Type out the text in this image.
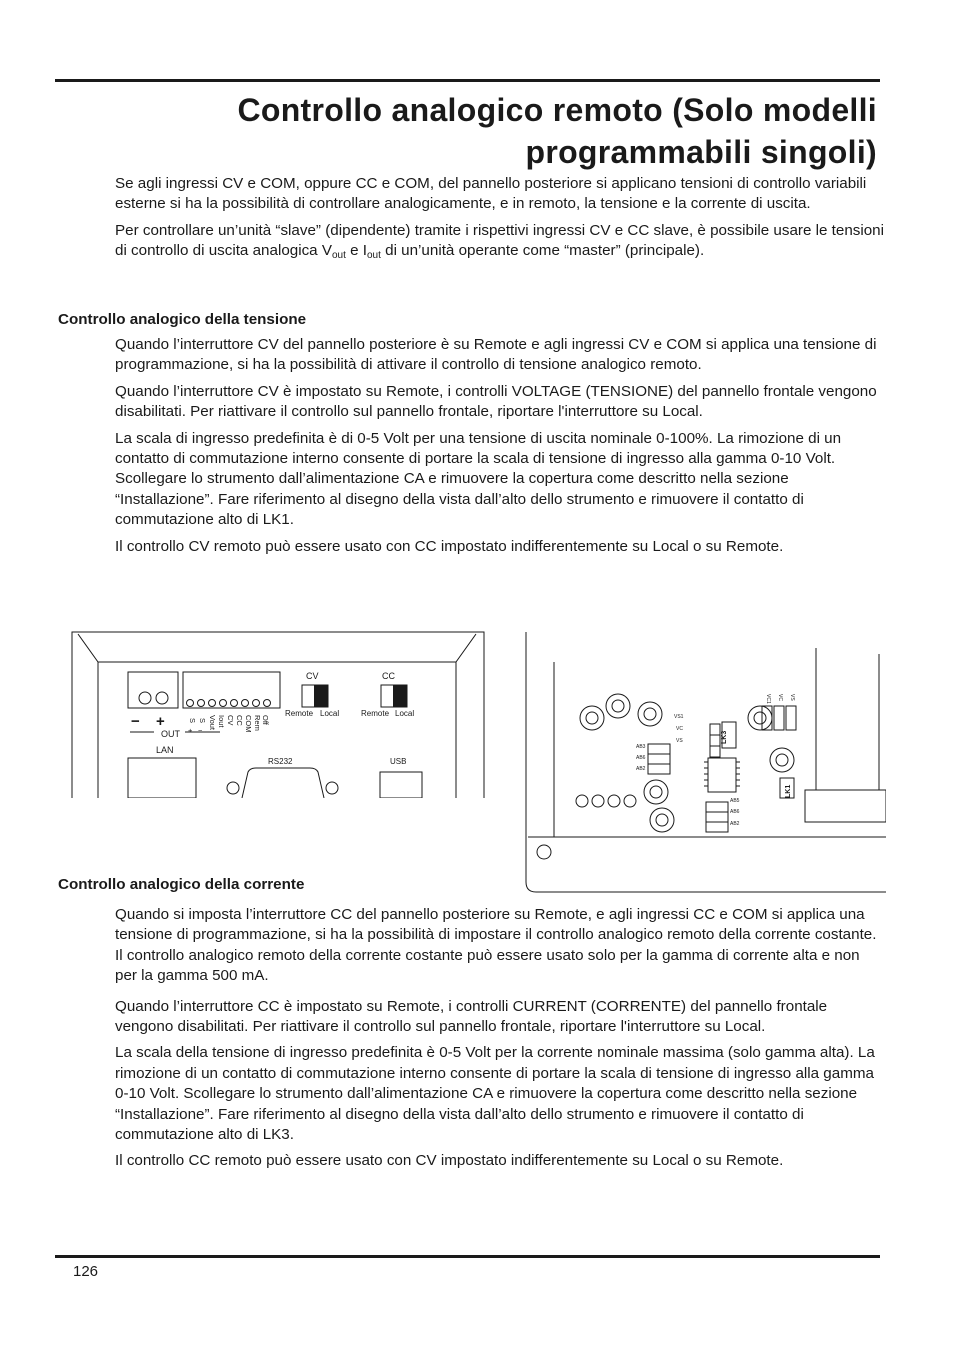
Controllo analogico remoto (Solo modelli
programmabili singoli)

Se agli ingressi CV e COM, oppure CC e COM, del pannello posteriore si applicano tensioni di controllo variabili esterne si ha la possibilità di controllare analogicamente, e in remoto, la tensione e la corrente di uscita.

Per controllare un’unità “slave” (dipendente) tramite i rispettivi ingressi CV e CC slave, è possibile usare le tensioni di controllo di uscita analogica $V_{out}$ e $I_{out}$ di un’unità operante come “master” (principale).

Controllo analogico della tensione

Quando l’interruttore CV del pannello posteriore è su Remote e agli ingressi CV e COM si applica una tensione di programmazione, si ha la possibilità di attivare il controllo di tensione analogico remoto.

Quando l’interruttore CV è impostato su Remote, i controlli VOLTAGE (TENSIONE) del pannello frontale vengono disabilitati. Per riattivare il controllo sul pannello frontale, riportare l'interruttore su Local.

La scala di ingresso predefinita è di 0-5 Volt per una tensione di uscita nominale 0-100%. La rimozione di un contatto di commutazione interno consente di portare la scala di tensione di ingresso alla gamma 0-10 Volt. Scollegare lo strumento dall’alimentazione CA e rimuovere la copertura come descritto nella sezione “Installazione”. Fare riferimento al disegno della vista dall’alto dello strumento e rimuovere il contatto di commutazione alto di LK1.

Il controllo CV remoto può essere usato con CC impostato indifferentemente su Local o su Remote.

− +
OUT
CV	CC
Remote Local	Remote Local
LAN
RS232	USB
S S Vout Iout CV CC COM Rem Off
+ −
VS1
VC
VS
AB3
AB6
AB2
AB5
AB6
AB2
VC1 VC VS
LK3
LK1
Controllo analogico della corrente

Quando si imposta l’interruttore CC del pannello posteriore su Remote, e agli ingressi CC e COM si applica una tensione di programmazione, si ha la possibilità di impostare il controllo analogico remoto della corrente costante. Il controllo analogico remoto della corrente costante può essere usato solo per la gamma di corrente alta e non per la gamma 500 mA.

Quando l’interruttore CC è impostato su Remote, i controlli CURRENT (CORRENTE) del pannello frontale vengono disabilitati. Per riattivare il controllo sul pannello frontale, riportare l'interruttore su Local.

La scala della tensione di ingresso predefinita è 0-5 Volt per la corrente nominale massima (solo gamma alta). La rimozione di un contatto di commutazione interno consente di portare la scala di tensione di ingresso alla gamma 0-10 Volt. Scollegare lo strumento dall’alimentazione CA e rimuovere la copertura come descritto nella sezione “Installazione”. Fare riferimento al disegno della vista dall’alto dello strumento e rimuovere il contatto di commutazione alto di LK3.

Il controllo CC remoto può essere usato con CV impostato indifferentemente su Local o su Remote.

126
